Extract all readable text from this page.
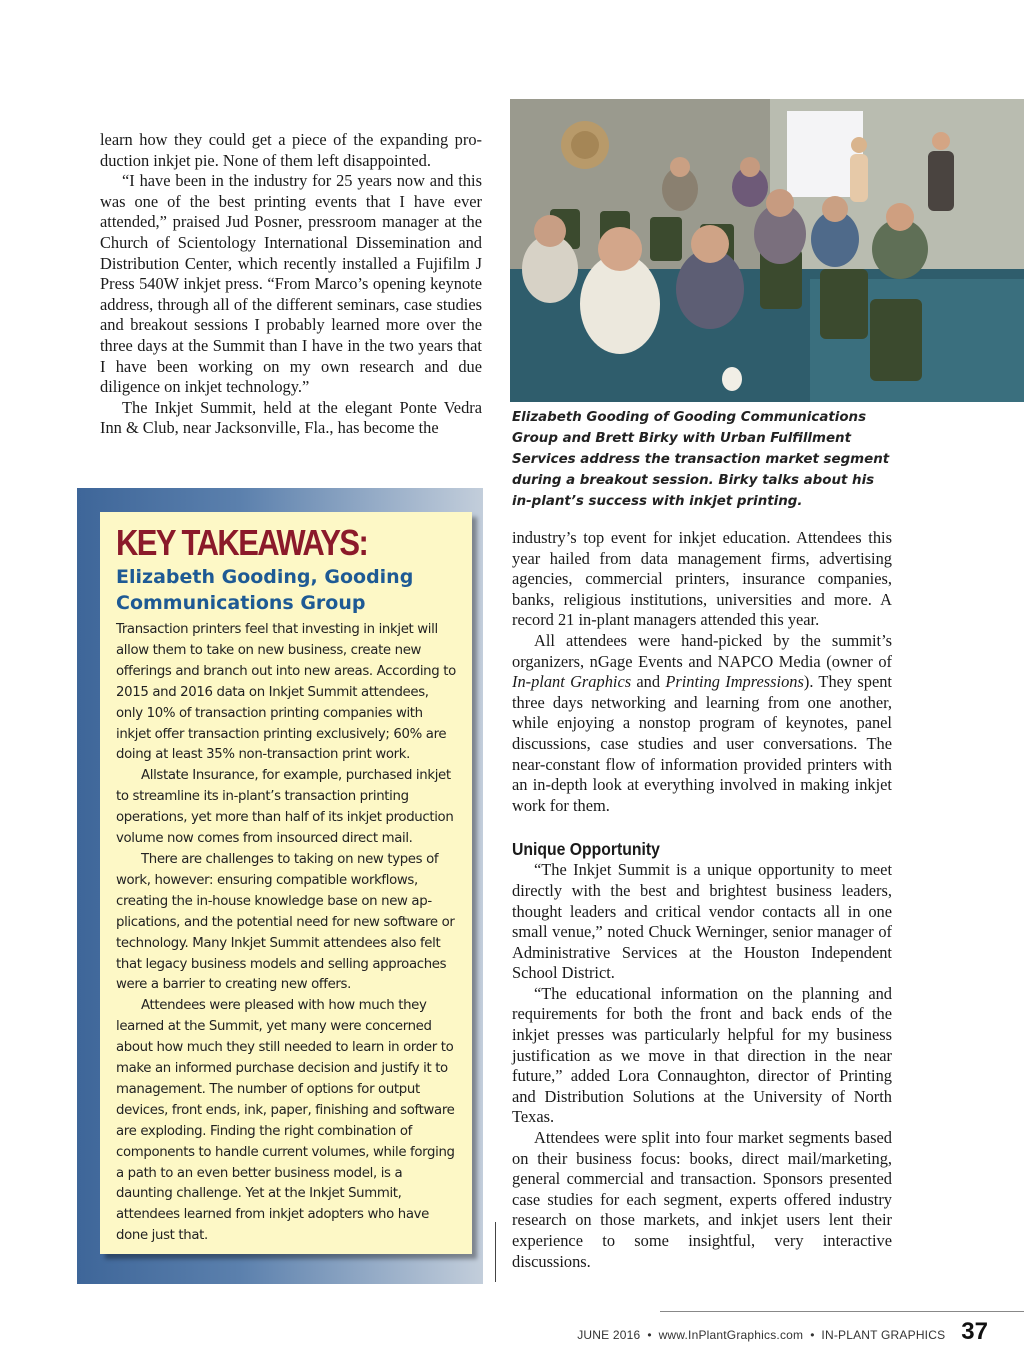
learn how they could get a piece of the expanding production inkjet pie. None of them left disappointed.

“I have been in the industry for 25 years now and this was one of the best printing events that I have ever attended,” praised Jud Posner, pressroom manager at the Church of Scientology International Dissemination and Distribution Center, which recently installed a Fujifilm J Press 540W inkjet press. “From Marco’s opening keynote address, through all of the different seminars, case studies and breakout sessions I probably learned more over the three days at the Summit than I have in the two years that I have been working on my own research and due diligence on inkjet technology.”

The Inkjet Summit, held at the elegant Ponte Vedra Inn & Club, near Jacksonville, Fla., has become the

Elizabeth Gooding of Gooding Communications Group and Brett Birky with Urban Fulfillment Services address the transaction market segment during a breakout session. Birky talks about his in-plant’s success with inkjet printing.
KEY TAKEAWAYS:
Elizabeth Gooding, Gooding Communications Group

Transaction printers feel that investing in inkjet will allow them to take on new business, create new offerings and branch out into new areas. According to 2015 and 2016 data on Inkjet Summit attendees, only 10% of transaction printing companies with inkjet offer transaction printing exclusively; 60% are doing at least 35% non-transaction print work.

Allstate Insurance, for example, purchased inkjet to streamline its in-plant’s transaction printing operations, yet more than half of its inkjet production volume now comes from insourced direct mail.

There are challenges to taking on new types of work, however: ensuring compatible workflows, creating the in-house knowledge base on new applications, and the potential need for new software or technology. Many Inkjet Summit attendees also felt that legacy business models and selling approaches were a barrier to creating new offers.

Attendees were pleased with how much they learned at the Summit, yet many were concerned about how much they still needed to learn in order to make an informed purchase decision and justify it to management. The number of options for output devices, front ends, ink, paper, finishing and software are exploding. Finding the right combination of components to handle current volumes, while forging a path to an even better business model, is a daunting challenge. Yet at the Inkjet Summit, attendees learned from inkjet adopters who have done just that.

industry’s top event for inkjet education. Attendees this year hailed from data management firms, advertising agencies, commercial printers, insurance companies, banks, religious institutions, universities and more. A record 21 in-plant managers attended this year.

All attendees were hand-picked by the summit’s organizers, nGage Events and NAPCO Media (owner of In-plant Graphics and Printing Impressions). They spent three days networking and learning from one another, while enjoying a nonstop program of keynotes, panel discussions, case studies and user conversations. The near-constant flow of information provided printers with an in-depth look at everything involved in making inkjet work for them.

Unique Opportunity

“The Inkjet Summit is a unique opportunity to meet directly with the best and brightest business leaders, thought leaders and critical vendor contacts all in one small venue,” noted Chuck Werninger, senior manager of Administrative Services at the Houston Independent School District.

“The educational information on the planning and requirements for both the front and back ends of the inkjet presses was particularly helpful for my business justification as we move in that direction in the near future,” added Lora Connaughton, director of Printing and Distribution Solutions at the University of North Texas.

Attendees were split into four market segments based on their business focus: books, direct mail/marketing, general commercial and transaction. Sponsors presented case studies for each segment, experts offered industry research on those markets, and inkjet users lent their experience to some insightful, very interactive discussions.

JUNE 2016 • www.InPlantGraphics.com • IN-PLANT GRAPHICS 37
